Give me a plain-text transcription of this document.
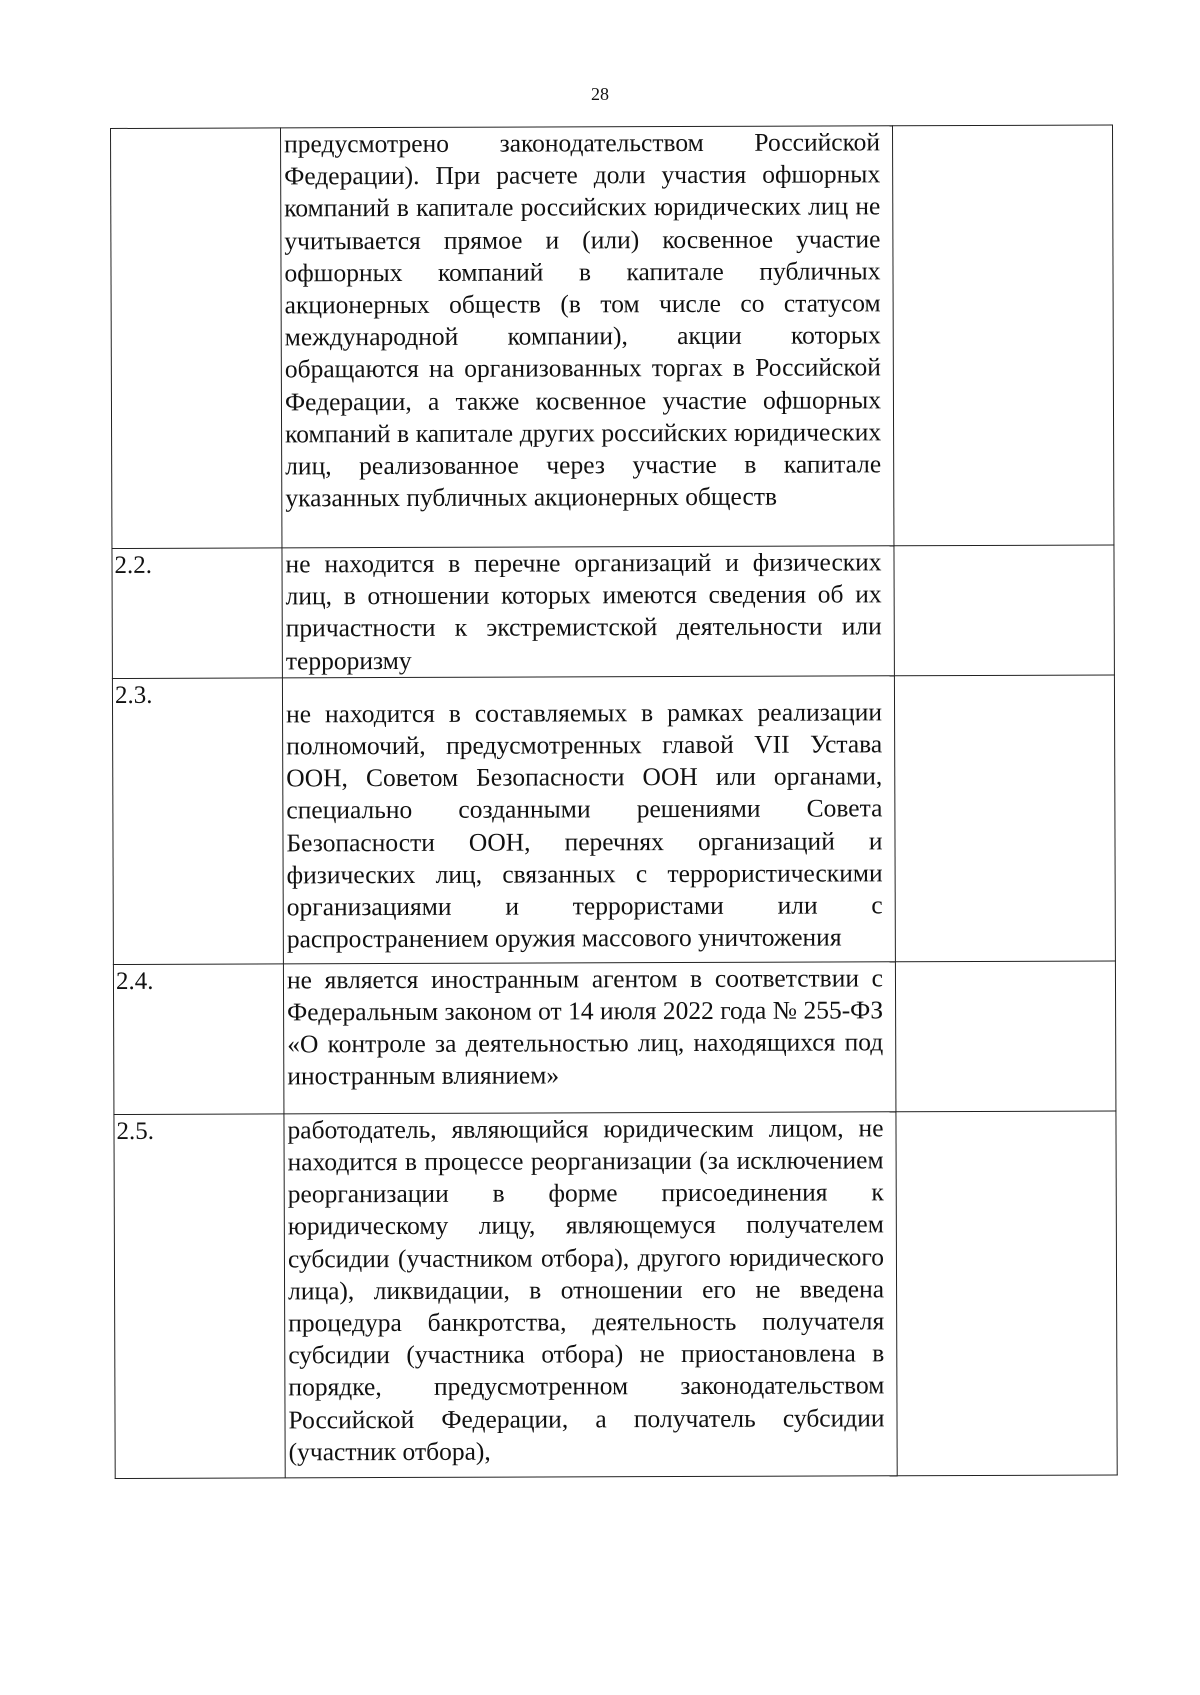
28

	предусмотрено законодательством Российской Федерации). При расчете доли участия офшорных компаний в капитале российских юридических лиц не учитывается прямое и (или) косвенное участие офшорных компаний в капитале публичных акционерных обществ (в том числе со статусом международной компании), акции которых обращаются на организованных торгах в Российской Федерации, а также косвенное участие офшорных компаний в капитале других российских юридических лиц, реализованное через участие в капитале указанных публичных акционерных обществ	

2.2.	не находится в перечне организаций и физических лиц, в отношении которых имеются сведения об их причастности к экстремистской деятельности или терроризму	

2.3.	не находится в составляемых в рамках реализации полномочий, предусмотренных главой VII Устава ООН, Советом Безопасности ООН или органами, специально созданными решениями Совета Безопасности ООН, перечнях организаций и физических лиц, связанных с террористическими организациями и террористами или с распространением оружия массового уничтожения	

2.4.	не является иностранным агентом в соответствии с Федеральным законом от 14 июля 2022 года № 255-ФЗ «О контроле за деятельностью лиц, находящихся под иностранным влиянием»	

2.5.	работодатель, являющийся юридическим лицом, не находится в процессе реорганизации (за исключением реорганизации в форме присоединения к юридическому лицу, являющемуся получателем субсидии (участником отбора), другого юридического лица), ликвидации, в отношении его не введена процедура банкротства, деятельность получателя субсидии (участника отбора) не приостановлена в порядке, предусмотренном законодательством Российской Федерации, а получатель субсидии (участник отбора),	
